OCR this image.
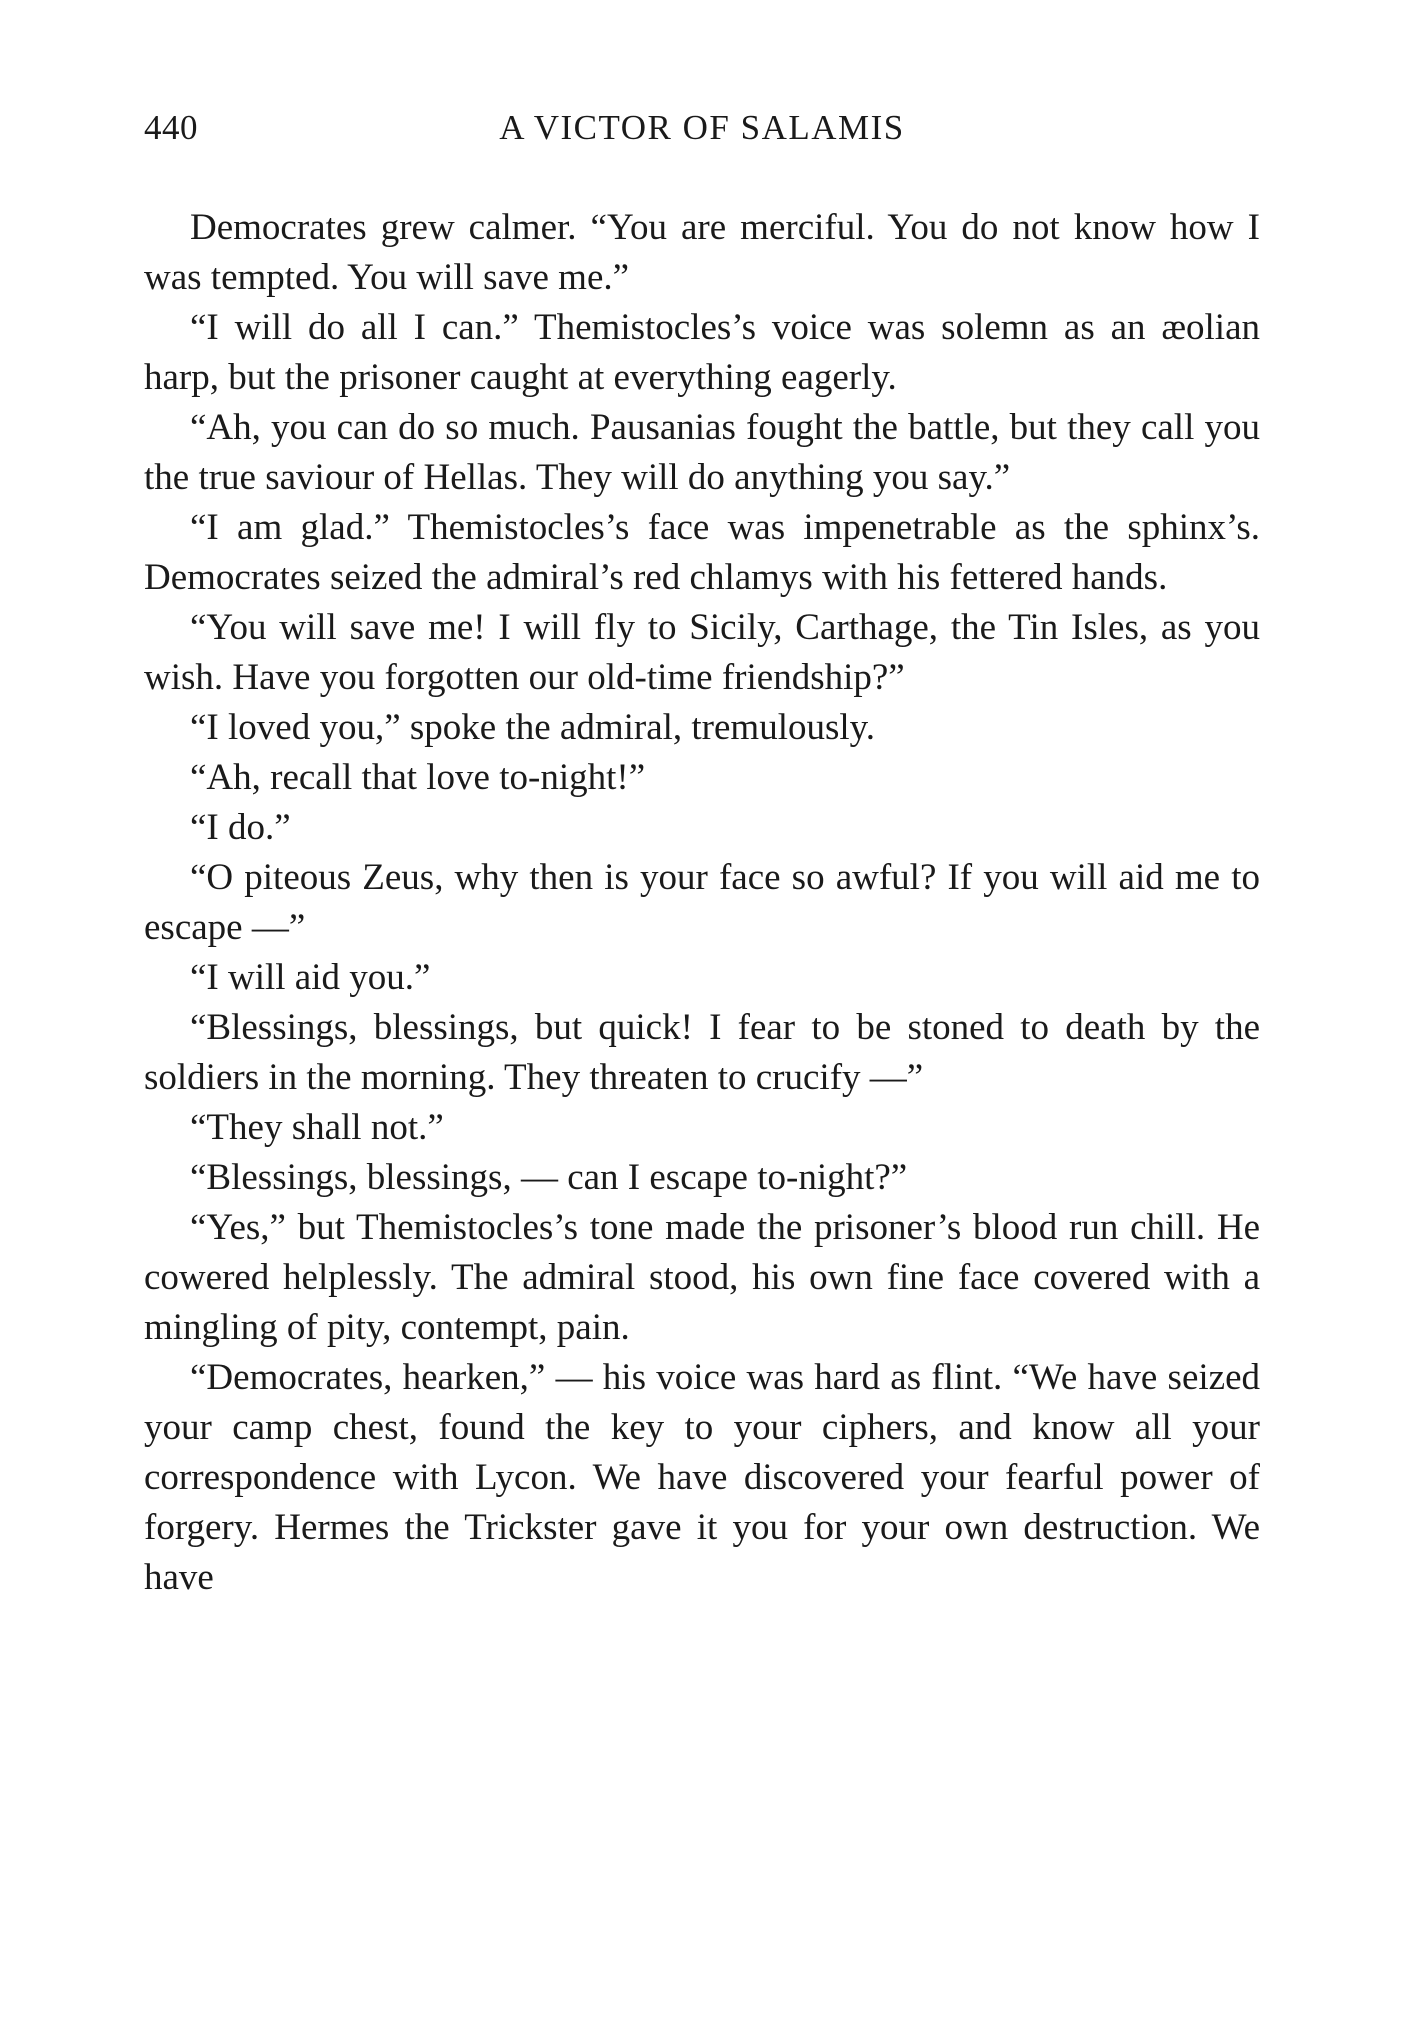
440	A VICTOR OF SALAMIS

Democrates grew calmer. “You are merciful. You do not know how I was tempted. You will save me.”

“I will do all I can.” Themistocles’s voice was solemn as an æolian harp, but the prisoner caught at everything eagerly.

“Ah, you can do so much. Pausanias fought the battle, but they call you the true saviour of Hellas. They will do anything you say.”

“I am glad.” Themistocles’s face was impenetrable as the sphinx’s. Democrates seized the admiral’s red chlamys with his fettered hands.

“You will save me! I will fly to Sicily, Carthage, the Tin Isles, as you wish. Have you forgotten our old-time friendship?”

“I loved you,” spoke the admiral, tremulously.

“Ah, recall that love to-night!”

“I do.”

“O piteous Zeus, why then is your face so awful? If you will aid me to escape —”

“I will aid you.”

“Blessings, blessings, but quick! I fear to be stoned to death by the soldiers in the morning. They threaten to crucify —”

“They shall not.”

“Blessings, blessings, — can I escape to-night?”

“Yes,” but Themistocles’s tone made the prisoner’s blood run chill. He cowered helplessly. The admiral stood, his own fine face covered with a mingling of pity, contempt, pain.

“Democrates, hearken,” — his voice was hard as flint. “We have seized your camp chest, found the key to your ciphers, and know all your correspondence with Lycon. We have discovered your fearful power of forgery. Hermes the Trickster gave it you for your own destruction. We have
